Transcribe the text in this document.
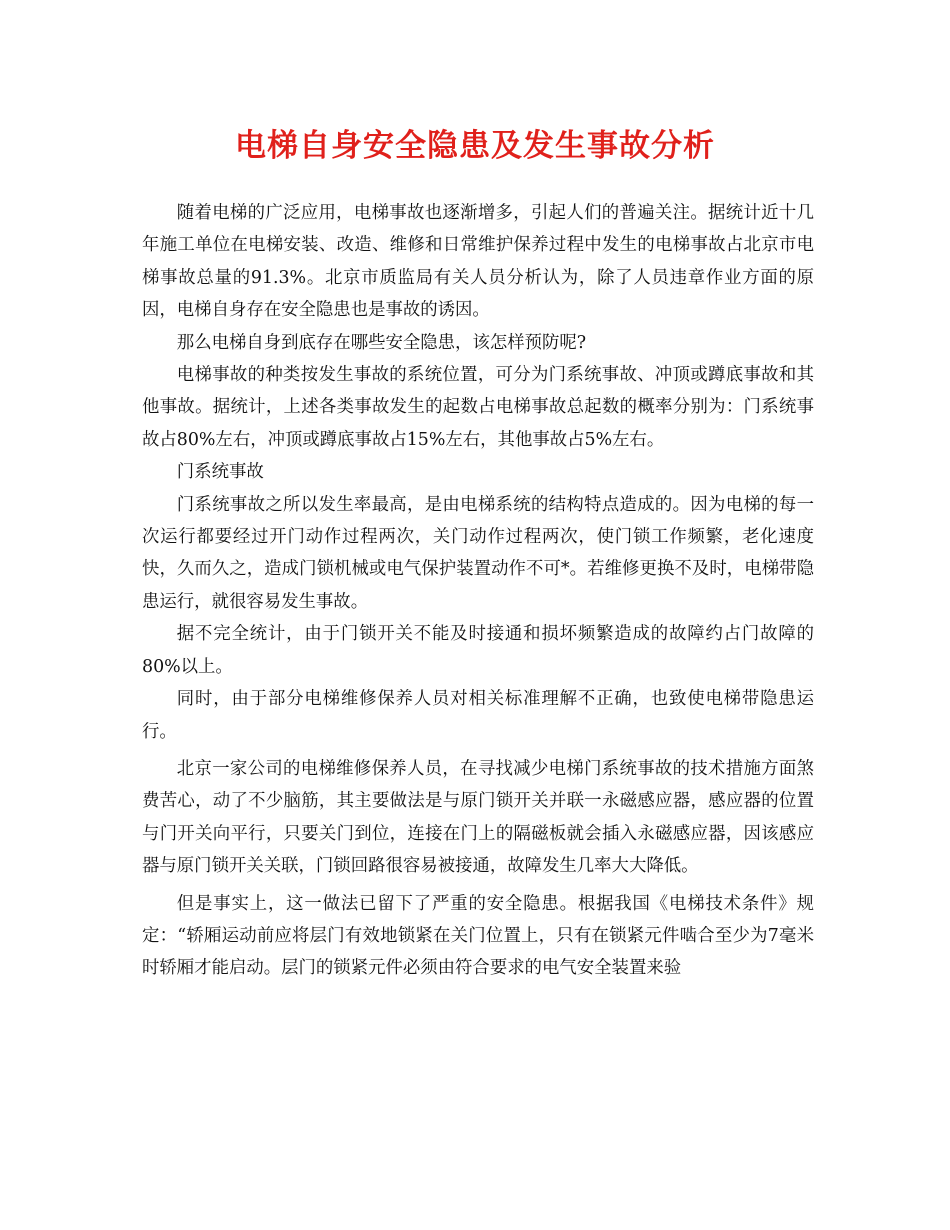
电梯自身安全隐患及发生事故分析

随着电梯的广泛应用，电梯事故也逐渐增多，引起人们的普遍关注。据统计近十几年施工单位在电梯安装、改造、维修和日常维护保养过程中发生的电梯事故占北京市电梯事故总量的91.3%。北京市质监局有关人员分析认为，除了人员违章作业方面的原因，电梯自身存在安全隐患也是事故的诱因。

那么电梯自身到底存在哪些安全隐患，该怎样预防呢?

电梯事故的种类按发生事故的系统位置，可分为门系统事故、冲顶或蹲底事故和其他事故。据统计，上述各类事故发生的起数占电梯事故总起数的概率分别为：门系统事故占80%左右，冲顶或蹲底事故占15%左右，其他事故占5%左右。

门系统事故

门系统事故之所以发生率最高，是由电梯系统的结构特点造成的。因为电梯的每一次运行都要经过开门动作过程两次，关门动作过程两次，使门锁工作频繁，老化速度快，久而久之，造成门锁机械或电气保护装置动作不可*。若维修更换不及时，电梯带隐患运行，就很容易发生事故。

据不完全统计，由于门锁开关不能及时接通和损坏频繁造成的故障约占门故障的80%以上。

同时，由于部分电梯维修保养人员对相关标准理解不正确，也致使电梯带隐患运行。

北京一家公司的电梯维修保养人员，在寻找减少电梯门系统事故的技术措施方面煞费苦心，动了不少脑筋，其主要做法是与原门锁开关并联一永磁感应器，感应器的位置与门开关向平行，只要关门到位，连接在门上的隔磁板就会插入永磁感应器，因该感应器与原门锁开关关联，门锁回路很容易被接通，故障发生几率大大降低。

但是事实上，这一做法已留下了严重的安全隐患。根据我国《电梯技术条件》规定：“轿厢运动前应将层门有效地锁紧在关门位置上，只有在锁紧元件啮合至少为7毫米时轿厢才能启动。层门的锁紧元件必须由符合要求的电气安全装置来验
